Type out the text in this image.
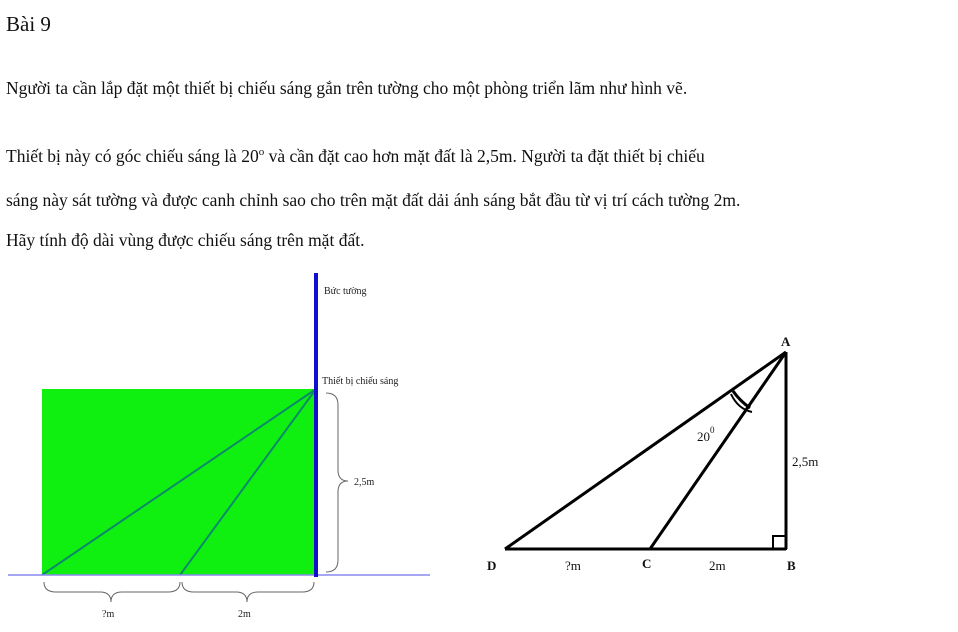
Bài 9
Người ta cần lắp đặt một thiết bị chiếu sáng gắn trên tường cho một phòng triển lãm như hình vẽ.
Thiết bị này có góc chiếu sáng là 20$^o$ và cần đặt cao hơn mặt đất là 2,5m. Người ta đặt thiết bị chiếu
sáng này sát tường và được canh chỉnh sao cho trên mặt đất dải ánh sáng bắt đầu từ vị trí cách tường 2m.
Hãy tính độ dài vùng được chiếu sáng trên mặt đất.
Bức tường
Thiết bị chiếu sáng
2,5m
?m	2m
A
B
C
D
$20^0$
2,5m
?m	2m
